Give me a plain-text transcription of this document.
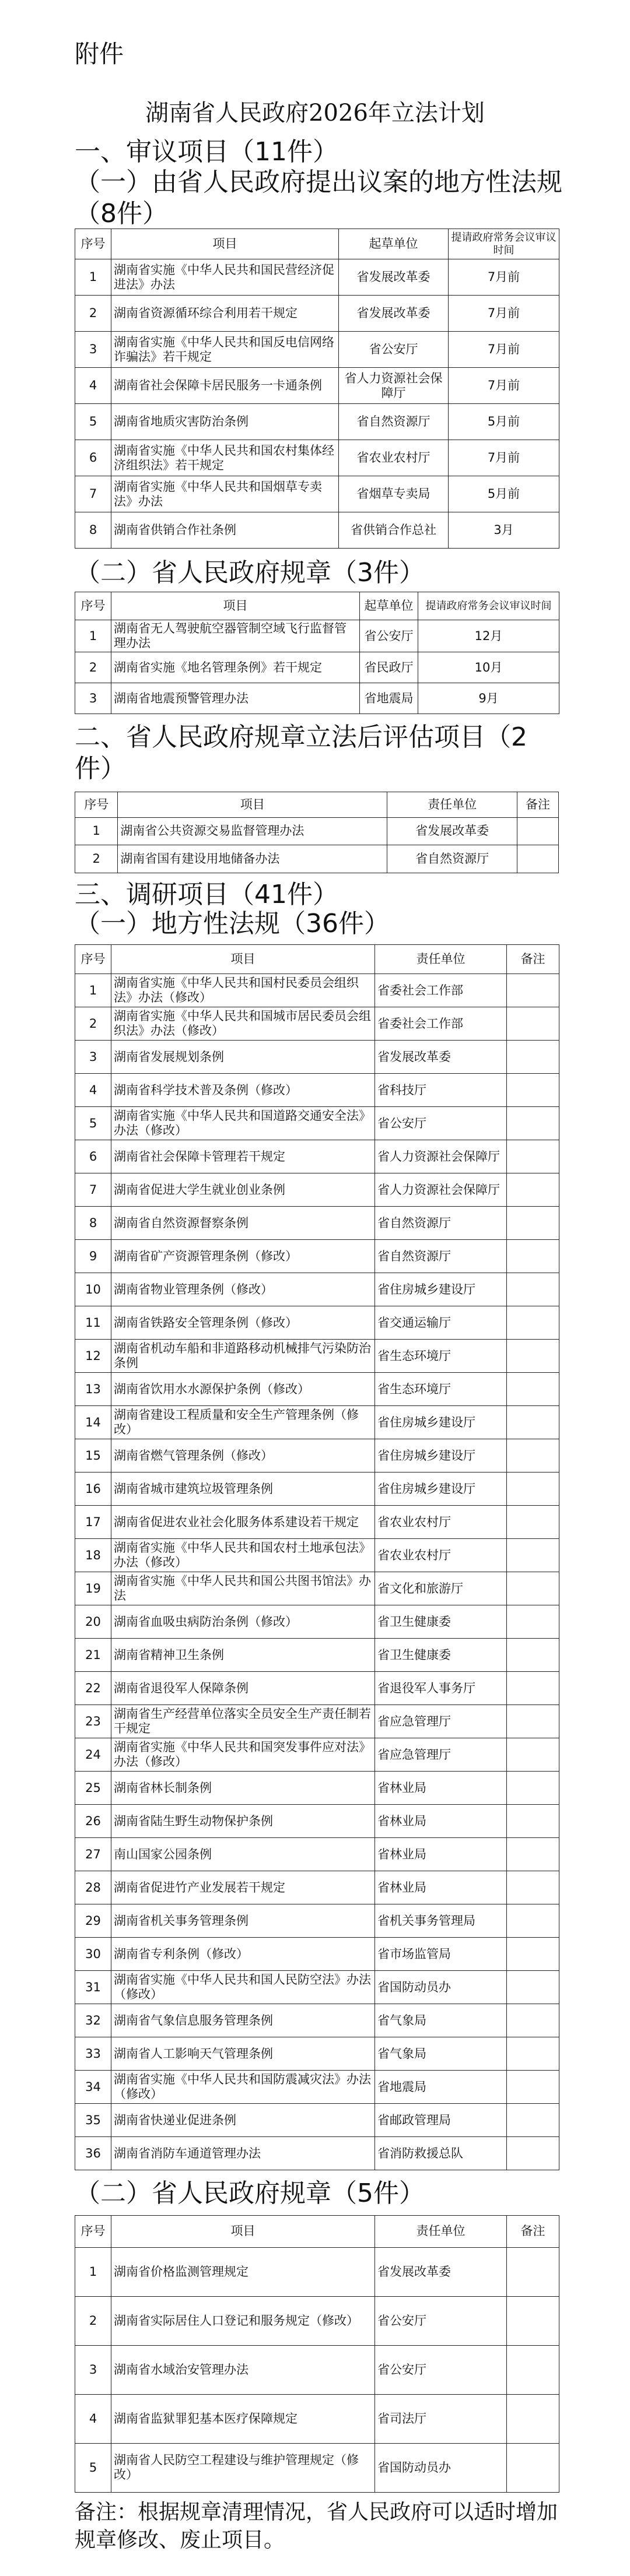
附件
湖南省人民政府2026年立法计划
一、审议项目（11件）
（一）由省人民政府提出议案的地方性法规（8件）
序号	项目	起草单位	提请政府常务会议审议时间
1	湖南省实施《中华人民共和国民营经济促进法》办法	省发展改革委	7月前
2	湖南省资源循环综合利用若干规定	省发展改革委	7月前
3	湖南省实施《中华人民共和国反电信网络诈骗法》若干规定	省公安厅	7月前
4	湖南省社会保障卡居民服务一卡通条例	省人力资源社会保障厅	7月前
5	湖南省地质灾害防治条例	省自然资源厅	5月前
6	湖南省实施《中华人民共和国农村集体经济组织法》若干规定	省农业农村厅	7月前
7	湖南省实施《中华人民共和国烟草专卖法》办法	省烟草专卖局	5月前
8	湖南省供销合作社条例	省供销合作总社	3月
（二）省人民政府规章（3件）
序号	项目	起草单位	提请政府常务会议审议时间
1	湖南省无人驾驶航空器管制空域飞行监督管理办法	省公安厅	12月
2	湖南省实施《地名管理条例》若干规定	省民政厅	10月
3	湖南省地震预警管理办法	省地震局	9月
二、省人民政府规章立法后评估项目（2件）
序号	项目	责任单位	备注
1	湖南省公共资源交易监督管理办法	省发展改革委	
2	湖南省国有建设用地储备办法	省自然资源厅	
三、调研项目（41件）
（一）地方性法规（36件）
序号	项目	责任单位	备注
1	湖南省实施《中华人民共和国村民委员会组织法》办法（修改）	省委社会工作部	
2	湖南省实施《中华人民共和国城市居民委员会组织法》办法（修改）	省委社会工作部	
3	湖南省发展规划条例	省发展改革委	
4	湖南省科学技术普及条例（修改）	省科技厅	
5	湖南省实施《中华人民共和国道路交通安全法》办法（修改）	省公安厅	
6	湖南省社会保障卡管理若干规定	省人力资源社会保障厅	
7	湖南省促进大学生就业创业条例	省人力资源社会保障厅	
8	湖南省自然资源督察条例	省自然资源厅	
9	湖南省矿产资源管理条例（修改）	省自然资源厅	
10	湖南省物业管理条例（修改）	省住房城乡建设厅	
11	湖南省铁路安全管理条例（修改）	省交通运输厅	
12	湖南省机动车船和非道路移动机械排气污染防治条例	省生态环境厅	
13	湖南省饮用水水源保护条例（修改）	省生态环境厅	
14	湖南省建设工程质量和安全生产管理条例（修改）	省住房城乡建设厅	
15	湖南省燃气管理条例（修改）	省住房城乡建设厅	
16	湖南省城市建筑垃圾管理条例	省住房城乡建设厅	
17	湖南省促进农业社会化服务体系建设若干规定	省农业农村厅	
18	湖南省实施《中华人民共和国农村土地承包法》办法（修改）	省农业农村厅	
19	湖南省实施《中华人民共和国公共图书馆法》办法	省文化和旅游厅	
20	湖南省血吸虫病防治条例（修改）	省卫生健康委	
21	湖南省精神卫生条例	省卫生健康委	
22	湖南省退役军人保障条例	省退役军人事务厅	
23	湖南省生产经营单位落实全员安全生产责任制若干规定	省应急管理厅	
24	湖南省实施《中华人民共和国突发事件应对法》办法（修改）	省应急管理厅	
25	湖南省林长制条例	省林业局	
26	湖南省陆生野生动物保护条例	省林业局	
27	南山国家公园条例	省林业局	
28	湖南省促进竹产业发展若干规定	省林业局	
29	湖南省机关事务管理条例	省机关事务管理局	
30	湖南省专利条例（修改）	省市场监管局	
31	湖南省实施《中华人民共和国人民防空法》办法（修改）	省国防动员办	
32	湖南省气象信息服务管理条例	省气象局	
33	湖南省人工影响天气管理条例	省气象局	
34	湖南省实施《中华人民共和国防震减灾法》办法（修改）	省地震局	
35	湖南省快递业促进条例	省邮政管理局	
36	湖南省消防车通道管理办法	省消防救援总队	
（二）省人民政府规章（5件）
序号	项目	责任单位	备注
1	湖南省价格监测管理规定	省发展改革委	
2	湖南省实际居住人口登记和服务规定（修改）	省公安厅	
3	湖南省水域治安管理办法	省公安厅	
4	湖南省监狱罪犯基本医疗保障规定	省司法厅	
5	湖南省人民防空工程建设与维护管理规定（修改）	省国防动员办	
备注：根据规章清理情况，省人民政府可以适时增加规章修改、废止项目。
